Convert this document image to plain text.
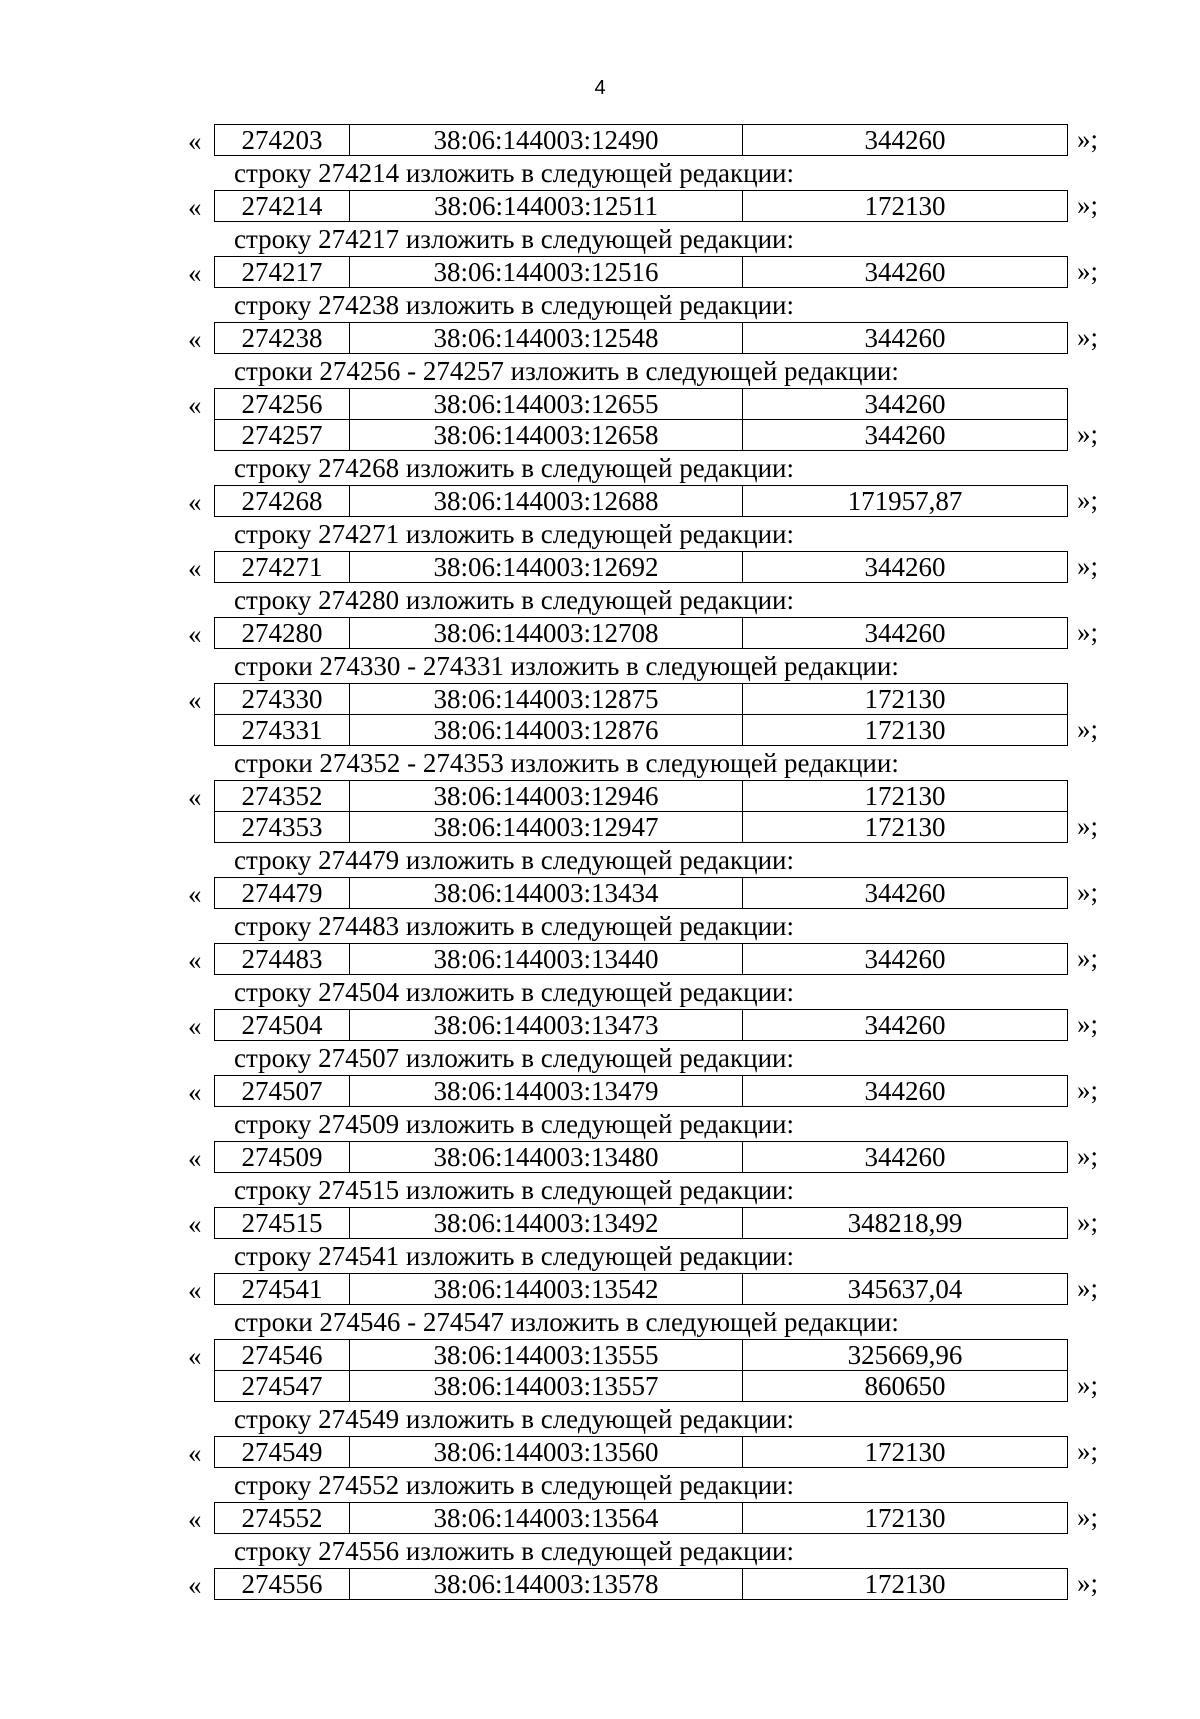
4
« 274203	38:06:144003:12490	344260	»;
строку 274214 изложить в следующей редакции:
« 274214	38:06:144003:12511	172130	»;
строку 274217 изложить в следующей редакции:
« 274217	38:06:144003:12516	344260	»;
строку 274238 изложить в следующей редакции:
« 274238	38:06:144003:12548	344260	»;
строки 274256 - 274257 изложить в следующей редакции:
« 274256	38:06:144003:12655	344260
274257	38:06:144003:12658	344260	»;
строку 274268 изложить в следующей редакции:
« 274268	38:06:144003:12688	171957,87	»;
строку 274271 изложить в следующей редакции:
« 274271	38:06:144003:12692	344260	»;
строку 274280 изложить в следующей редакции:
« 274280	38:06:144003:12708	344260	»;
строки 274330 - 274331 изложить в следующей редакции:
« 274330	38:06:144003:12875	172130
274331	38:06:144003:12876	172130	»;
строки 274352 - 274353 изложить в следующей редакции:
« 274352	38:06:144003:12946	172130
274353	38:06:144003:12947	172130	»;
строку 274479 изложить в следующей редакции:
« 274479	38:06:144003:13434	344260	»;
строку 274483 изложить в следующей редакции:
« 274483	38:06:144003:13440	344260	»;
строку 274504 изложить в следующей редакции:
« 274504	38:06:144003:13473	344260	»;
строку 274507 изложить в следующей редакции:
« 274507	38:06:144003:13479	344260	»;
строку 274509 изложить в следующей редакции:
« 274509	38:06:144003:13480	344260	»;
строку 274515 изложить в следующей редакции:
« 274515	38:06:144003:13492	348218,99	»;
строку 274541 изложить в следующей редакции:
« 274541	38:06:144003:13542	345637,04	»;
строки 274546 - 274547 изложить в следующей редакции:
« 274546	38:06:144003:13555	325669,96
274547	38:06:144003:13557	860650	»;
строку 274549 изложить в следующей редакции:
« 274549	38:06:144003:13560	172130	»;
строку 274552 изложить в следующей редакции:
« 274552	38:06:144003:13564	172130	»;
строку 274556 изложить в следующей редакции:
« 274556	38:06:144003:13578	172130	»;
